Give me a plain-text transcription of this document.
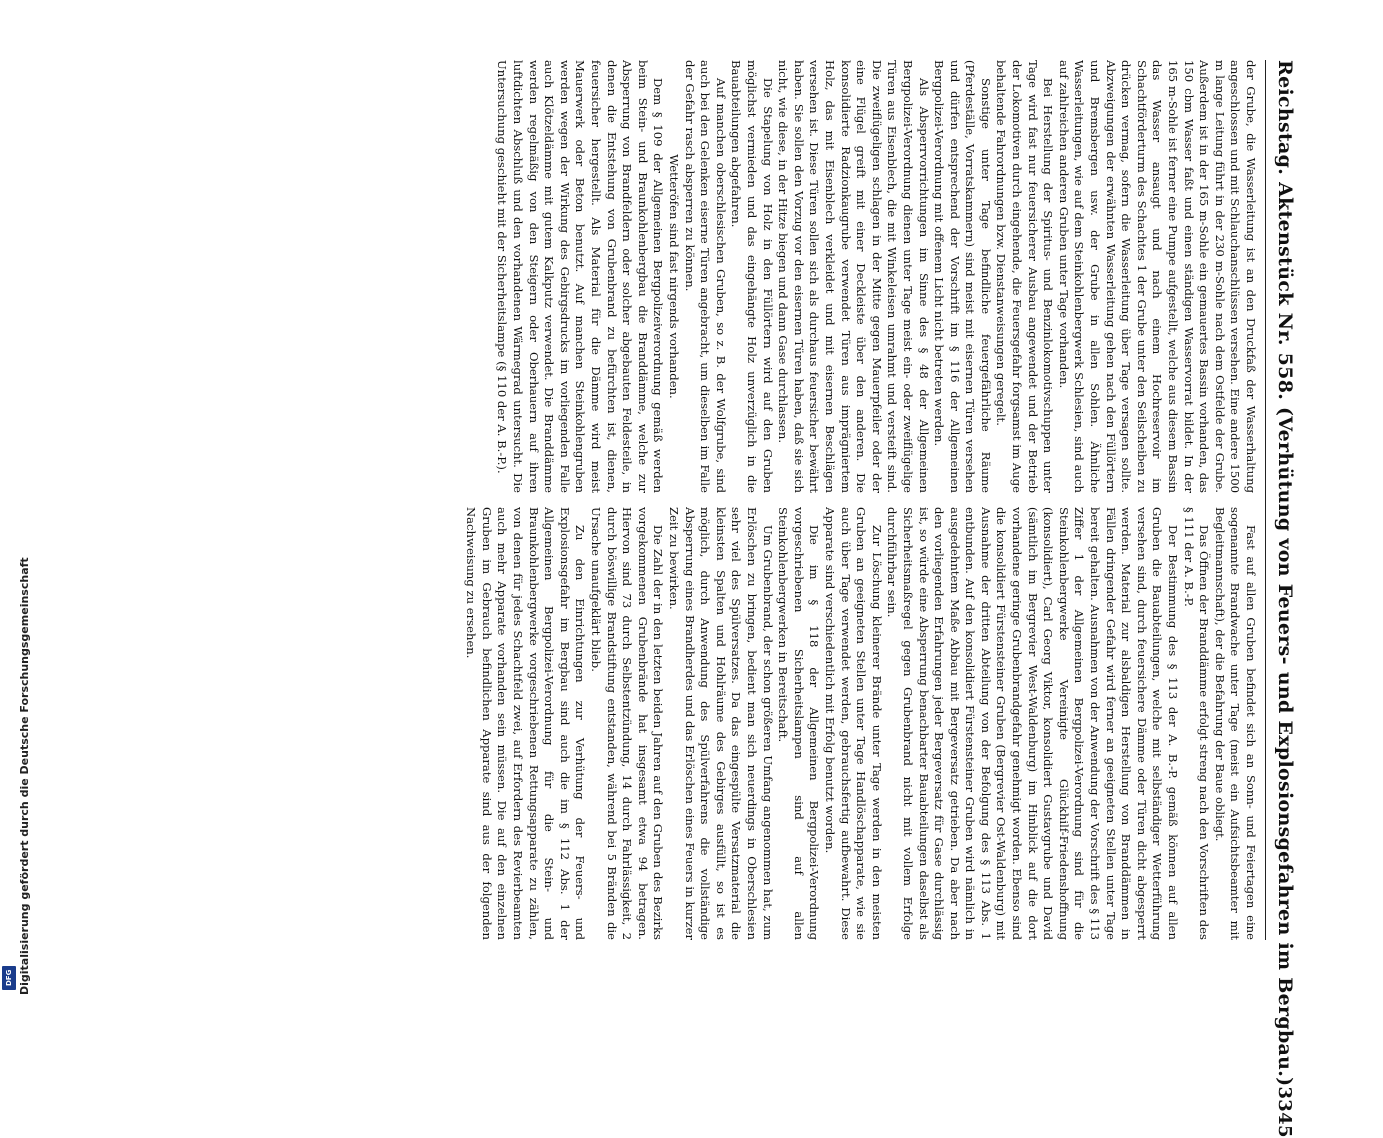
Reichstag. Aktenstück Nr. 558. (Verhütung von Feuers- und Explosionsgefahren im Bergbau.)
3345

der Grube, die Wasserleitung ist an den Druckfaß der Wasserhaltung angeschlossen und mit Schlauchanschlüssen versehen. Eine andere 1500 m lange Leitung führt in der 230 m-Sohle nach dem Ostfelde der Grube. Außerdem ist in der 165 m-Sohle ein gemauertes Bassin vorhanden, das 150 cbm Wasser faßt und einen ständigen Wasservorrat bildet. In der 165 m-Sohle ist ferner eine Pumpe aufgestellt, welche aus diesem Bassin das Wasser ansaugt und nach einem Hochreservoir im Schachtförderturm des Schachtes 1 der Grube unter den Seilscheiben zu drücken vermag, sofern die Wasserleitung über Tage versagen sollte. Abzweigungen der erwähnten Wasserleitung gehen nach den Füllörtern und Bremsbergen usw. der Grube in allen Sohlen. Ähnliche Wasserleitungen, wie auf dem Steinkohlenbergwerk Schlesien, sind auch auf zahlreichen anderen Gruben unter Tage vorhanden.

Bei Herstellung der Spiritus- und Benzinlokomotivschuppen unter Tage wird fast nur feuersicherer Ausbau angewendet und der Betrieb der Lokomotiven durch eingehende, die Feuersgefahr forgsamst im Auge behaltende Fahrordnungen bzw. Dienstanweisungen geregelt.

Sonstige unter Tage befindliche feuergefährliche Räume (Pferdeställe, Vorratskammern) sind meist mit eisernen Türen versehen und dürfen entsprechend der Vorschrift im § 116 der Allgemeinen Bergpolizei-Verordnung mit offenem Licht nicht betreten werden.

Als Absperrvorrichtungen im Sinne des § 48 der Allgemeinen Bergpolizei-Verordnung dienen unter Tage meist ein- oder zweiflügelige Türen aus Eisenblech, die mit Winkeleisen umrahmt und versteift sind. Die zweiflügeligen schlagen in der Mitte gegen Mauerpfeiler oder der eine Flügel greift mit einer Deckleiste über den anderen. Die konsolidierte Radzionkaugrube verwendet Türen aus imprägniertem Holz, das mit Eisenblech verkleidet und mit eisernen Beschlägen versehen ist. Diese Türen sollen sich als durchaus feuersicher bewährt haben. Sie sollen den Vorzug vor den eisernen Türen haben, daß sie sich nicht, wie diese, in der Hitze biegen und dann Gase durchlassen.

Die Stapelung von Holz in den Füllörtern wird auf den Gruben möglichst vermieden und das eingehängte Holz unverzüglich in die Bauabteilungen abgefahren.

Auf manchen oberschlesischen Gruben, so z. B. der Wolfgrube, sind auch bei den Gelenken eiserne Türen angebracht, um dieselben im Falle der Gefahr rasch absperren zu können.

Wetteröfen sind fast nirgends vorhanden.

Dem § 109 der Allgemeinen Bergpolizeiverordnung gemäß werden beim Stein- und Braunkohlenbergbau die Branddämme, welche zur Absperrung von Brandfeldern oder solcher abgebauten Feldesteile, in denen die Entstehung von Grubenbrand zu befürchten ist, dienen, feuersicher hergestellt. Als Material für die Dämme wird meist Mauerwerk oder Beton benutzt. Auf manchen Steinkohlengruben werden wegen der Wirkung des Gebirgsdrucks im vorliegenden Falle auch Klötzeldämme mit gutem Kalkputz verwendet. Die Branddämme werden regelmäßig von den Steigern oder Oberhauern auf ihren luftdichten Abschluß und den vorhandenen Wärmegrad untersucht. Die Untersuchung geschieht mit der Sicherheitslampe (§ 110 der A. B.-P.).

Fast auf allen Gruben befindet sich an Sonn- und Feiertagen eine sogenannte Brandwache unter Tage (meist ein Aufsichtsbeamter mit Begleitmannschaft), der die Befahrung der Baue obliegt.

Das Öffnen der Branddämme erfolgt streng nach den Vorschriften des § 111 der A. B.-P.

Der Bestimmung des § 113 der A. B.-P. gemäß können auf allen Gruben die Bauabteilungen, welche mit selbständiger Wetterführung versehen sind, durch feuersichere Dämme oder Türen dicht abgesperrt werden. Material zur alsbaldigen Herstellung von Branddämmen in Fällen dringender Gefahr wird ferner an geeigneten Stellen unter Tage bereit gehalten. Ausnahmen von der Anwendung der Vorschrift des § 113 Ziffer 1 der Allgemeinen Bergpolizei-Verordnung sind für die Steinkohlenbergwerke Vereinigte Glückhilf-Friedenshoffnung (konsolidiert), Carl Georg Viktor, konsolidiert Gustavgrube und David (sämtlich im Bergrevier West-Waldenburg) im Hinblick auf die dort vorhandene geringe Grubenbrandgefahr genehmigt worden. Ebenso sind die konsolidiert Fürstensteiner Gruben (Bergrevier Ost-Waldenburg) mit Ausnahme der dritten Abteilung von der Befolgung des § 113 Abs. 1 entbunden. Auf den konsolidiert Fürstensteiner Gruben wird nämlich in ausgedehntem Maße Abbau mit Bergeversatz getrieben. Da aber nach den vorliegenden Erfahrungen jeder Bergeversatz für Gase durchlässig ist, so würde eine Absperrung benachbarter Bauabteilungen daselbst als Sicherheitsmaßregel gegen Grubenbrand nicht mit vollem Erfolge durchführbar sein.

Zur Löschung kleinerer Brände unter Tage werden in den meisten Gruben an geeigneten Stellen unter Tage Handlöschapparate, wie sie auch über Tage verwendet werden, gebrauchsfertig aufbewahrt. Diese Apparate sind verschiedentlich mit Erfolg benutzt worden.

Die im § 118 der Allgemeinen Bergpolizei-Verordnung vorgeschriebenen Sicherheitslampen sind auf allen Steinkohlenbergwerken in Bereitschaft.

Um Grubenbrand, der schon größeren Umfang angenommen hat, zum Erlöschen zu bringen, bedient man sich neuerdings in Oberschlesien sehr viel des Spülversatzes. Da das eingespülte Versatzmaterial die kleinsten Spalten und Hohlräume des Gebirges ausfüllt, so ist es möglich, durch Anwendung des Spülverfahrens die vollständige Absperrung eines Brandherdes und das Erlöschen eines Feuers in kurzer Zeit zu bewirken.

Die Zahl der in den letzten beiden Jahren auf den Gruben des Bezirks vorgekommenen Grubenbrände hat insgesamt etwa 94 betragen. Hiervon sind 73 durch Selbstentzündung, 14 durch Fahrlässigkeit, 2 durch böswillige Brandstiftung entstanden, während bei 5 Bränden die Ursache unaufgeklärt blieb.

Zu den Einrichtungen zur Verhütung der Feuers- und Explosionsgefahr im Bergbau sind auch die im § 112 Abs. 1 der Allgemeinen Bergpolizei-Verordnung für die Stein- und Braunkohlenbergwerke vorgeschriebenen Rettungsapparate zu zählen, von denen für jedes Schachtfeld zwei, auf Erfordern des Revierbeamten auch mehr Apparate vorhanden sein müssen. Die auf den einzelnen Gruben im Gebrauch befindlichen Apparate sind aus der folgenden Nachweisung zu ersehen.

Digitalisierung gefördert durch die Deutsche Forschungsgemeinschaft
DFG
